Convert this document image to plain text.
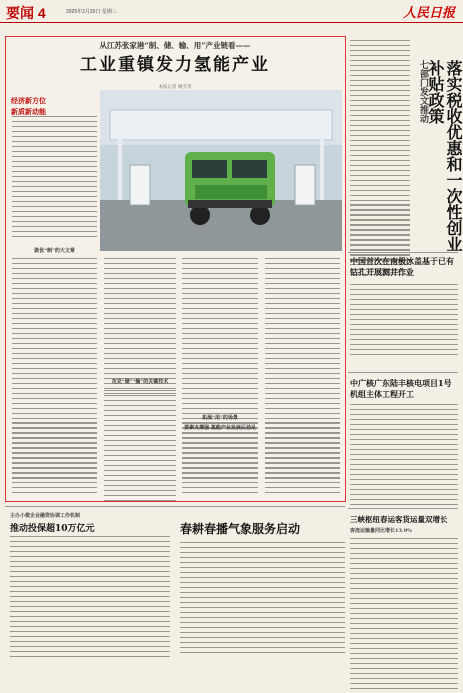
要闻 4	2025年2月20日 星期三	人民日报
从江苏张家港“制、储、输、用”产业链看——
工业重镇发力氢能产业
本报记者 姚雪青
经济新方位
新质新动能
做优“制”的大文章
攻克“储”“输”的关键技术
拓展“用”的场景
要素支撑强 氢能产业发展后劲足
七部门发文推动	落实税收优惠和一次性创业补贴政策
中国首次在南极冰盖基于已有钻孔开展测井作业
中广核广东陆丰核电项目1号机组主体工程开工
三峡枢纽春运客货运量双增长
客流运输量同比增长13.9%
主办小微企业融资协调工作机制
推动投保超10万亿元	春耕春播气象服务启动
